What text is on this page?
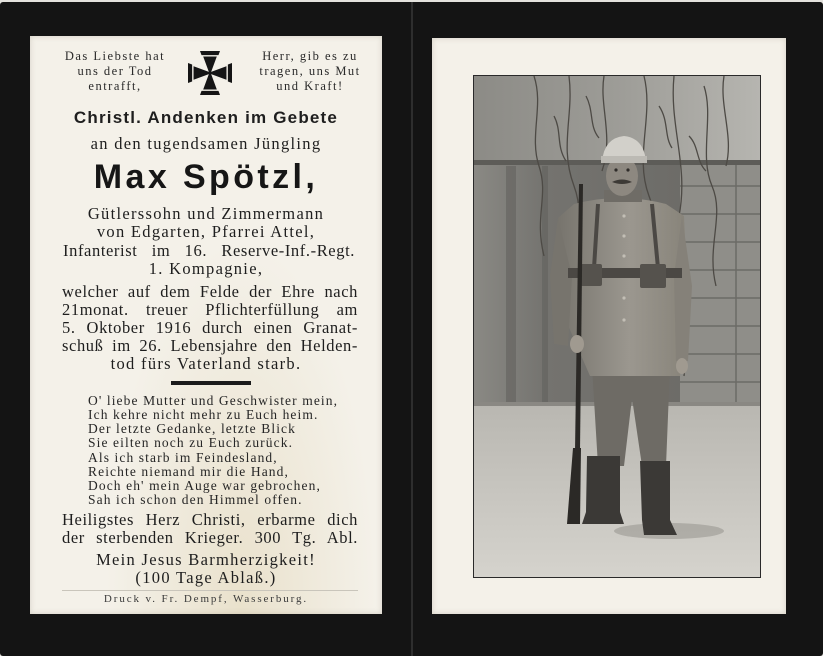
Das Liebste hat
uns der Tod
entrafft,
Herr, gib es zu
tragen, uns Mut
und Kraft!
Christl. Andenken im Gebete
an den tugendsamen Jüngling
Max Spötzl,
Gütlerssohn und Zimmermann
von Edgarten, Pfarrei Attel,
Infanterist im 16. Reserve-Inf.-Regt.
1. Kompagnie,
welcher auf dem Felde der Ehre nach
21monat. treuer Pflichterfüllung am
5. Oktober 1916 durch einen Granat-
schuß im 26. Lebensjahre den Helden-
tod fürs Vaterland starb.
O' liebe Mutter und Geschwister mein,
Ich kehre nicht mehr zu Euch heim.
Der letzte Gedanke, letzte Blick
Sie eilten noch zu Euch zurück.
Als ich starb im Feindesland,
Reichte niemand mir die Hand,
Doch eh' mein Auge war gebrochen,
Sah ich schon den Himmel offen.
Heiligstes Herz Christi, erbarme dich
der sterbenden Krieger. 300 Tg. Abl.
Mein Jesus Barmherzigkeit!
(100 Tage Ablaß.)
Druck v. Fr. Dempf, Wasserburg.
